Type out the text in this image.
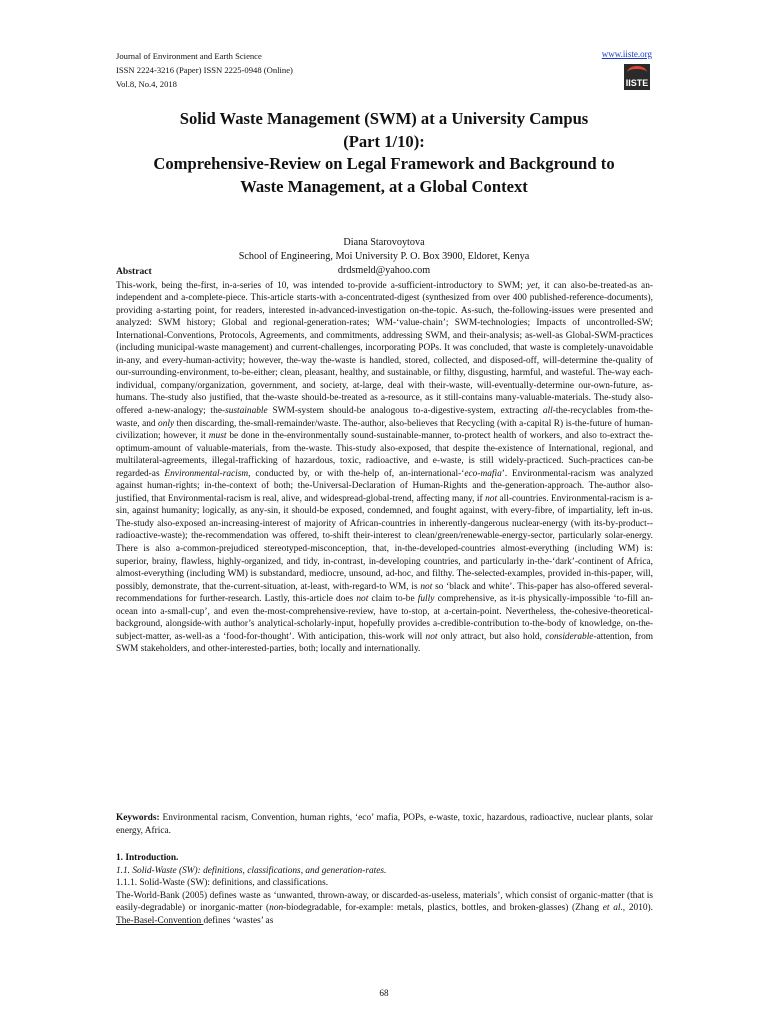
Journal of Environment and Earth Science

ISSN 2224-3216 (Paper) ISSN 2225-0948 (Online)

Vol.8, No.4, 2018

www.iiste.org
IISTE
Solid Waste Management (SWM) at a University Campus
(Part 1/10):
Comprehensive-Review on Legal Framework and Background to
Waste Management, at a Global Context
Diana Starovoytova
School of Engineering, Moi University P. O. Box 3900, Eldoret, Kenya
drdsmeld@yahoo.com
Abstract

This-work, being the-first, in-a-series of 10, was intended to-provide a-sufficient-introductory to SWM; yet, it can also-be-treated-as an-independent and a-complete-piece. This-article starts-with a-concentrated-digest (synthesized from over 400 published-reference-documents), providing a-starting point, for readers, interested in-advanced-investigation on-the-topic. As-such, the-following-issues were presented and analyzed: SWM history; Global and regional-generation-rates; WM-‘value-chain’; SWM-technologies; Impacts of uncontrolled-SW; International-Conventions, Protocols, Agreements, and commitments, addressing SWM, and their-analysis; as-well-as Global-SWM-practices (including municipal-waste management) and current-challenges, incorporating POPs. It was concluded, that waste is completely-unavoidable in-any, and every-human-activity; however, the-way the-waste is handled, stored, collected, and disposed-off, will-determine the-quality of our-surrounding-environment, to-be-either; clean, pleasant, healthy, and sustainable, or filthy, disgusting, harmful, and wasteful. The-way each-individual, company/organization, government, and society, at-large, deal with their-waste, will-eventually-determine our-own-future, as-humans. The-study also justified, that the-waste should-be-treated as a-resource, as it still-contains many-valuable-materials. The-study also-offered a-new-analogy; the-sustainable SWM-system should-be analogous to-a-digestive-system, extracting all-the-recyclables from-the-waste, and only then discarding, the-small-remainder/waste. The-author, also-believes that Recycling (with a-capital R) is-the-future of human-civilization; however, it must be done in the-environmentally sound-sustainable-manner, to-protect health of workers, and also to-extract the-optimum-amount of valuable-materials, from the-waste. This-study also-exposed, that despite the-existence of International, regional, and multilateral-agreements, illegal-trafficking of hazardous, toxic, radioactive, and e-waste, is still widely-practiced. Such-practices can-be regarded-as Environmental-racism, conducted by, or with the-help of, an-international-‘eco-mafia’. Environmental-racism was analyzed against human-rights; in-the-context of both; the-Universal-Declaration of Human-Rights and the-generation-approach. The-author also-justified, that Environmental-racism is real, alive, and widespread-global-trend, affecting many, if not all-countries. Environmental-racism is a-sin, against humanity; logically, as any-sin, it should-be exposed, condemned, and fought against, with every-fibre, of impartiality, left in-us. The-study also-exposed an-increasing-interest of majority of African-countries in inherently-dangerous nuclear-energy (with its-by-product--radioactive-waste); the-recommendation was offered, to-shift their-interest to clean/green/renewable-energy-sector, particularly solar-energy. There is also a-common-prejudiced stereotyped-misconception, that, in-the-developed-countries almost-everything (including WM) is: superior, brainy, flawless, highly-organized, and tidy, in-contrast, in-developing countries, and particularly in-the-‘dark’-continent of Africa, almost-everything (including WM) is substandard, mediocre, unsound, ad-hoc, and filthy. The-selected-examples, provided in-this-paper, will, possibly, demonstrate, that the-current-situation, at-least, with-regard-to WM, is not so ‘black and white’. This-paper has also-offered several-recommendations for further-research. Lastly, this-article does not claim to-be fully comprehensive, as it-is physically-impossible ‘to-fill an-ocean into a-small-cup’, and even the-most-comprehensive-review, have to-stop, at a-certain-point. Nevertheless, the-cohesive-theoretical-background, alongside-with author’s analytical-scholarly-input, hopefully provides a-credible-contribution to-the-body of knowledge, on-the-subject-matter, as-well-as a ‘food-for-thought’. With anticipation, this-work will not only attract, but also hold, considerable-attention, from SWM stakeholders, and other-interested-parties, both; locally and internationally.

Keywords: Environmental racism, Convention, human rights, ‘eco’ mafia, POPs, e-waste, toxic, hazardous, radioactive, nuclear plants, solar energy, Africa.

1. Introduction.

1.1. Solid-Waste (SW): definitions, classifications, and generation-rates.

1.1.1. Solid-Waste (SW): definitions, and classifications.

The-World-Bank (2005) defines waste as ‘unwanted, thrown-away, or discarded-as-useless, materials’, which consist of organic-matter (that is easily-degradable) or inorganic-matter (non-biodegradable, for-example: metals, plastics, bottles, and broken-glasses) (Zhang et al., 2010). The-Basel-Convention defines ‘wastes’ as

68
